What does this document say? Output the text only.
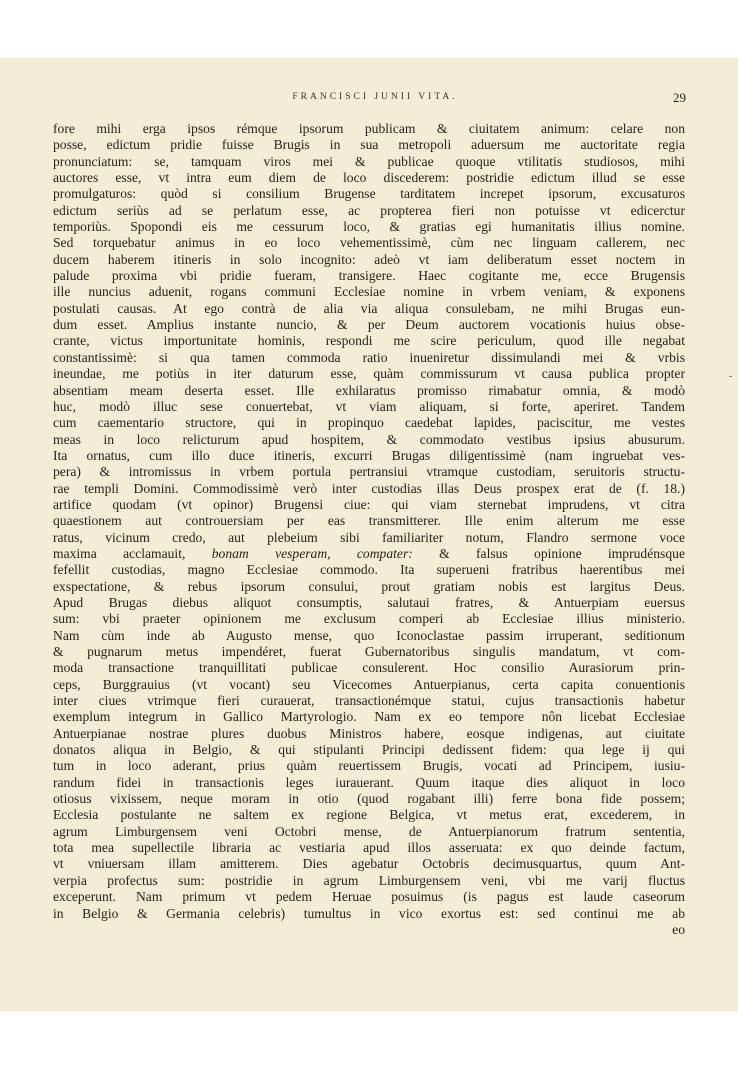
FRANCISCI JUNII VITA.	29
fore mihi erga ipsos rémque ipsorum publicam & ciuitatem animum: celare non
posse, edictum pridie fuisse Brugis in sua metropoli aduersum me auctoritate regia
pronunciatum: se, tamquam viros mei & publicae quoque vtilitatis studiosos, mihi
auctores esse, vt intra eum diem de loco discederem: postridie edictum illud se esse
promulgaturos: quòd si consilium Brugense tarditatem increpet ipsorum, excusaturos
edictum seriùs ad se perlatum esse, ac propterea fieri non potuisse vt edicerctur
temporiùs. Spopondi eis me cessurum loco, & gratias egi humanitatis illius nomine.
Sed torquebatur animus in eo loco vehementissimè, cùm nec linguam callerem, nec
ducem haberem itineris in solo incognito: adeò vt iam deliberatum esset noctem in
palude proxima vbi pridie fueram, transigere. Haec cogitante me, ecce Brugensis
ille nuncius aduenit, rogans communi Ecclesiae nomine in vrbem veniam, & exponens
postulati causas. At ego contrà de alia via aliqua consulebam, ne mihi Brugas eun-
dum esset. Amplius instante nuncio, & per Deum auctorem vocationis huius obse-
crante, victus importunitate hominis, respondi me scire periculum, quod ille negabat
constantissimè: si qua tamen commoda ratio inueniretur dissimulandi mei & vrbis
ineundae, me potiùs in iter daturum esse, quàm commissurum vt causa publica propter
absentiam meam deserta esset. Ille exhilaratus promisso rimabatur omnia, & modò
huc, modò illuc sese conuertebat, vt viam aliquam, si forte, aperiret. Tandem
cum caementario structore, qui in propinquo caedebat lapides, paciscitur, me vestes
meas in loco relicturum apud hospitem, & commodato vestibus ipsius abusurum.
Ita ornatus, cum illo duce itineris, excurri Brugas diligentissimè (nam ingruebat ves-
pera) & intromissus in vrbem portula pertransiui vtramque custodiam, seruitoris structu-
rae templi Domini. Commodissimè verò inter custodias illas Deus prospex erat de (f. 18.)
artifice quodam (vt opinor) Brugensi ciue: qui viam sternebat imprudens, vt citra
quaestionem aut controuersiam per eas transmitterer. Ille enim alterum me esse
ratus, vicinum credo, aut plebeium sibi familiariter notum, Flandro sermone voce
maxima acclamauit, bonam vesperam, compater: & falsus opinione imprudénsque
fefellit custodias, magno Ecclesiae commodo. Ita superueni fratribus haerentibus mei
exspectatione, & rebus ipsorum consului, prout gratiam nobis est largitus Deus.
Apud Brugas diebus aliquot consumptis, salutaui fratres, & Antuerpiam euersus
sum: vbi praeter opinionem me exclusum comperi ab Ecclesiae illius ministerio.
Nam cùm inde ab Augusto mense, quo Iconoclastae passim irruperant, seditionum
& pugnarum metus impendéret, fuerat Gubernatoribus singulis mandatum, vt com-
moda transactione tranquillitati publicae consulerent. Hoc consilio Aurasiorum prin-
ceps, Burggrauius (vt vocant) seu Vicecomes Antuerpianus, certa capita conuentionis
inter ciues vtrimque fieri curauerat, transactionémque statui, cujus transactionis habetur
exemplum integrum in Gallico Martyrologio. Nam ex eo tempore nôn licebat Ecclesiae
Antuerpianae nostrae plures duobus Ministros habere, eosque indigenas, aut ciuitate
donatos aliqua in Belgio, & qui stipulanti Principi dedissent fidem: qua lege ij qui
tum in loco aderant, prius quàm reuertissem Brugis, vocati ad Principem, iusiu-
randum fidei in transactionis leges iurauerant. Quum itaque dies aliquot in loco
otiosus vixissem, neque moram in otio (quod rogabant illi) ferre bona fide possem;
Ecclesia postulante ne saltem ex regione Belgica, vt metus erat, excederem, in
agrum Limburgensem veni Octobri mense, de Antuerpianorum fratrum sententia,
tota mea supellectile libraria ac vestiaria apud illos asseruata: ex quo deinde factum,
vt vniuersam illam amitterem. Dies agebatur Octobris decimusquartus, quum Ant-
verpia profectus sum: postridie in agrum Limburgensem veni, vbi me varij fluctus
exceperunt. Nam primum vt pedem Heruae posuimus (is pagus est laude caseorum
in Belgio & Germania celebris) tumultus in vico exortus est: sed continui me ab
eo
